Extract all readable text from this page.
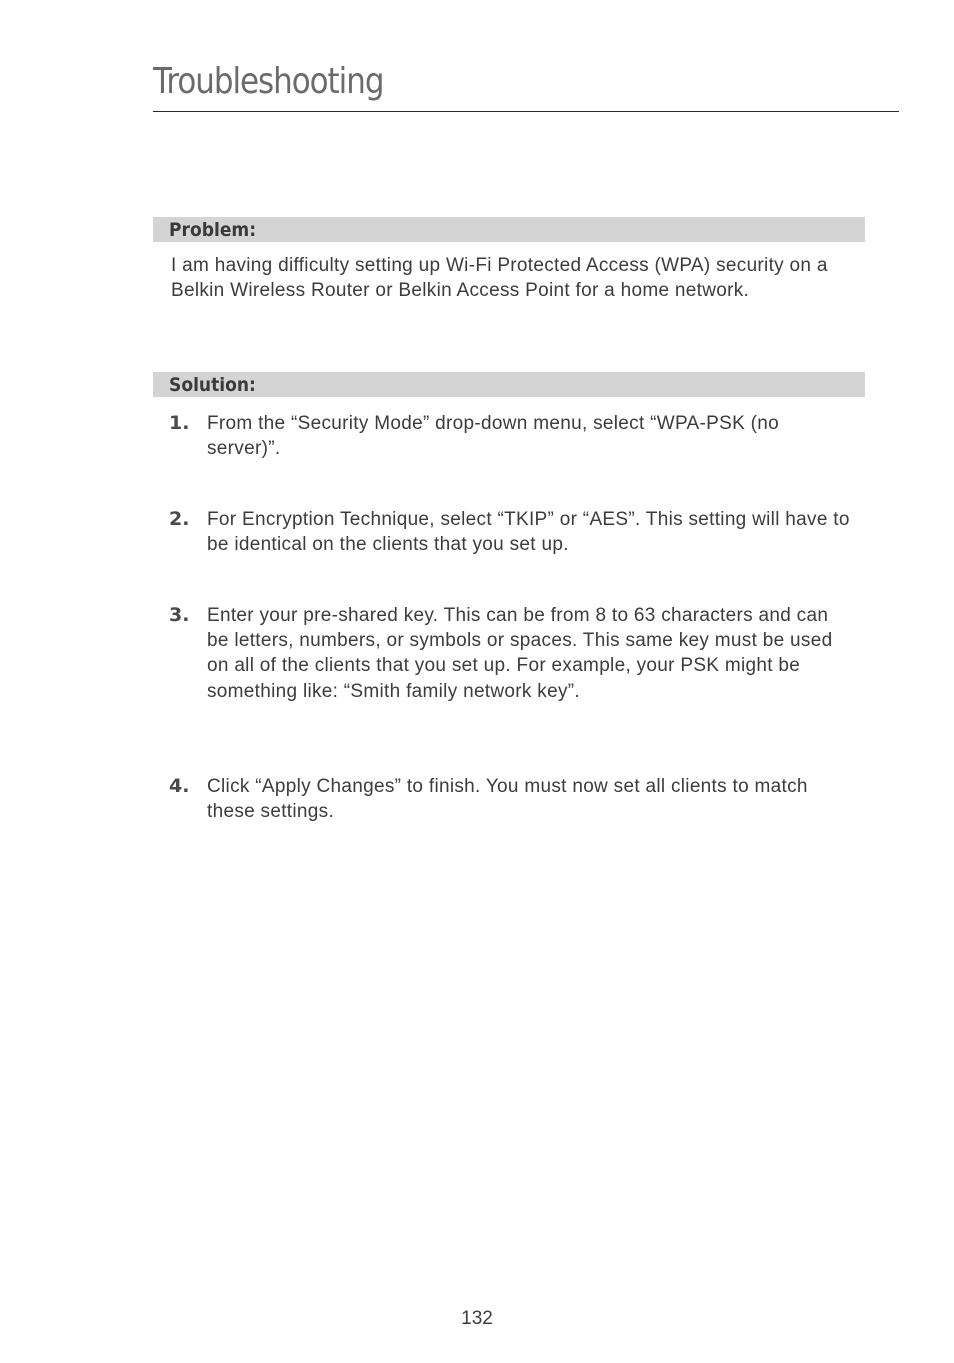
Troubleshooting
Problem:
I am having difficulty setting up Wi-Fi Protected Access (WPA) security on a Belkin Wireless Router or Belkin Access Point for a home network.
Solution:
1. From the “Security Mode” drop-down menu, select “WPA-PSK (no server)”.
2. For Encryption Technique, select “TKIP” or “AES”. This setting will have to be identical on the clients that you set up.
3. Enter your pre-shared key. This can be from 8 to 63 characters and can be letters, numbers, or symbols or spaces. This same key must be used on all of the clients that you set up. For example, your PSK might be something like: “Smith family network key”.
4. Click “Apply Changes” to finish. You must now set all clients to match these settings.
132
